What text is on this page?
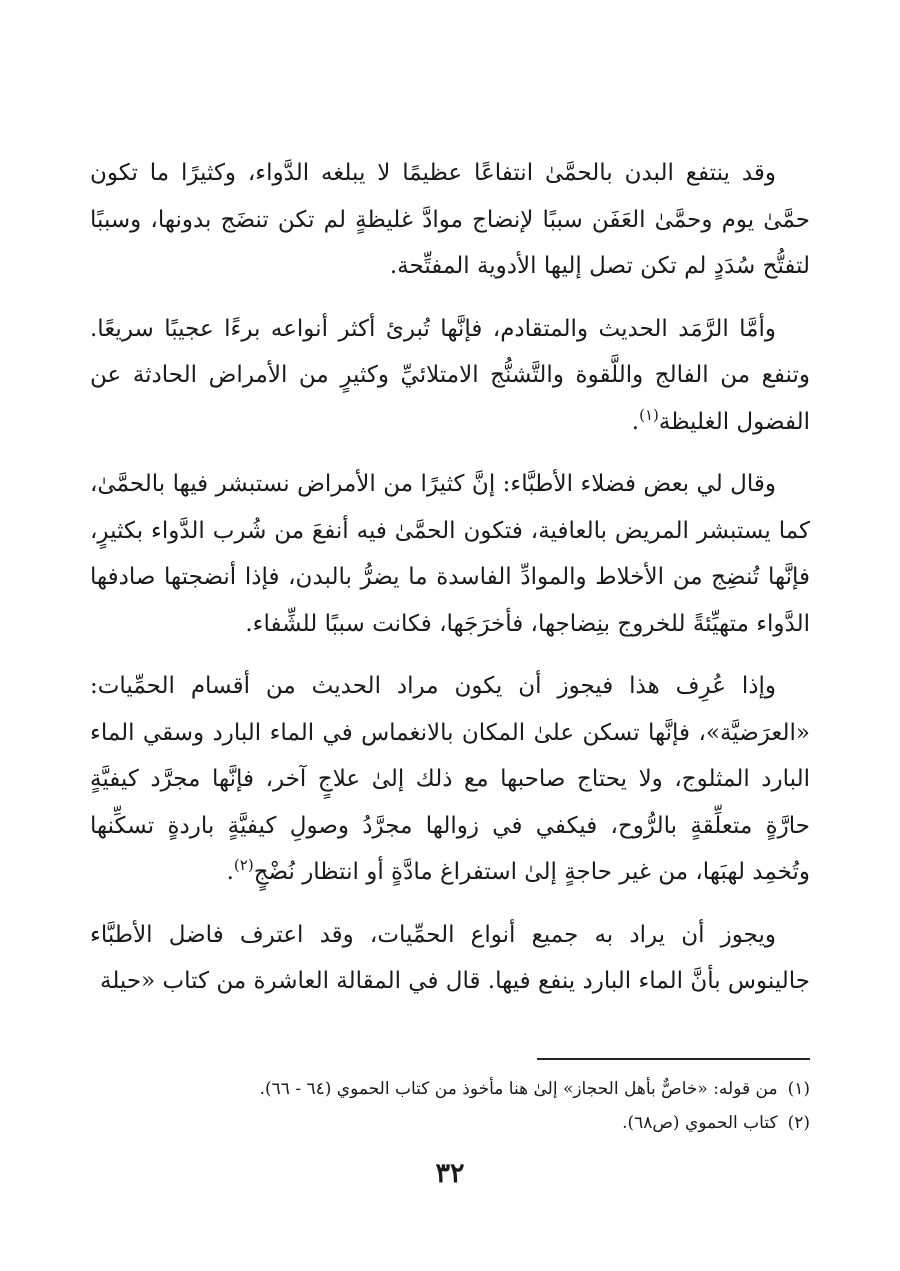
وقد ينتفع البدن بالحمَّىٰ انتفاعًا عظيمًا لا يبلغه الدَّواء، وكثيرًا ما تكون حمَّىٰ يوم وحمَّىٰ العَفَن سببًا لإنضاج موادَّ غليظةٍ لم تكن تنضَج بدونها، وسببًا لتفتُّح سُدَدٍ لم تكن تصل إليها الأدوية المفتِّحة.

وأمَّا الرَّمَد الحديث والمتقادم، فإنَّها تُبرئ أكثر أنواعه برءًا عجيبًا سريعًا. وتنفع من الفالج واللَّقوة والتَّشنُّج الامتلائيِّ وكثيرٍ من الأمراض الحادثة عن الفضول الغليظة$^{(١)}$.

وقال لي بعض فضلاء الأطبَّاء: إنَّ كثيرًا من الأمراض نستبشر فيها بالحمَّىٰ، كما يستبشر المريض بالعافية، فتكون الحمَّىٰ فيه أنفعَ من شُرب الدَّواء بكثيرٍ، فإنَّها تُنضِج من الأخلاط والموادِّ الفاسدة ما يضرُّ بالبدن، فإذا أنضجتها صادفها الدَّواء متهيِّئةً للخروج بنِضاجها، فأخرَجَها، فكانت سببًا للشِّفاء.

وإذا عُرِف هذا فيجوز أن يكون مراد الحديث من أقسام الحمِّيات: «العرَضيَّة»، فإنَّها تسكن علىٰ المكان بالانغماس في الماء البارد وسقي الماء البارد المثلوج، ولا يحتاج صاحبها مع ذلك إلىٰ علاجٍ آخر، فإنَّها مجرَّد كيفيَّةٍ حارَّةٍ متعلِّقةٍ بالرُّوح، فيكفي في زوالها مجرَّدُ وصولِ كيفيَّةٍ باردةٍ تسكِّنها وتُخمِد لهبَها، من غير حاجةٍ إلىٰ استفراغ مادَّةٍ أو انتظار نُضْجٍ$^{(٢)}$.

ويجوز أن يراد به جميع أنواع الحمِّيات، وقد اعترف فاضل الأطبَّاء جالينوس بأنَّ الماء البارد ينفع فيها. قال في المقالة العاشرة من كتاب «حيلة

(١)من قوله: «خاصٌّ بأهل الحجاز» إلىٰ هنا مأخوذ من كتاب الحموي (٦٤ - ٦٦).

(٢)كتاب الحموي (ص٦٨).

٣٢
